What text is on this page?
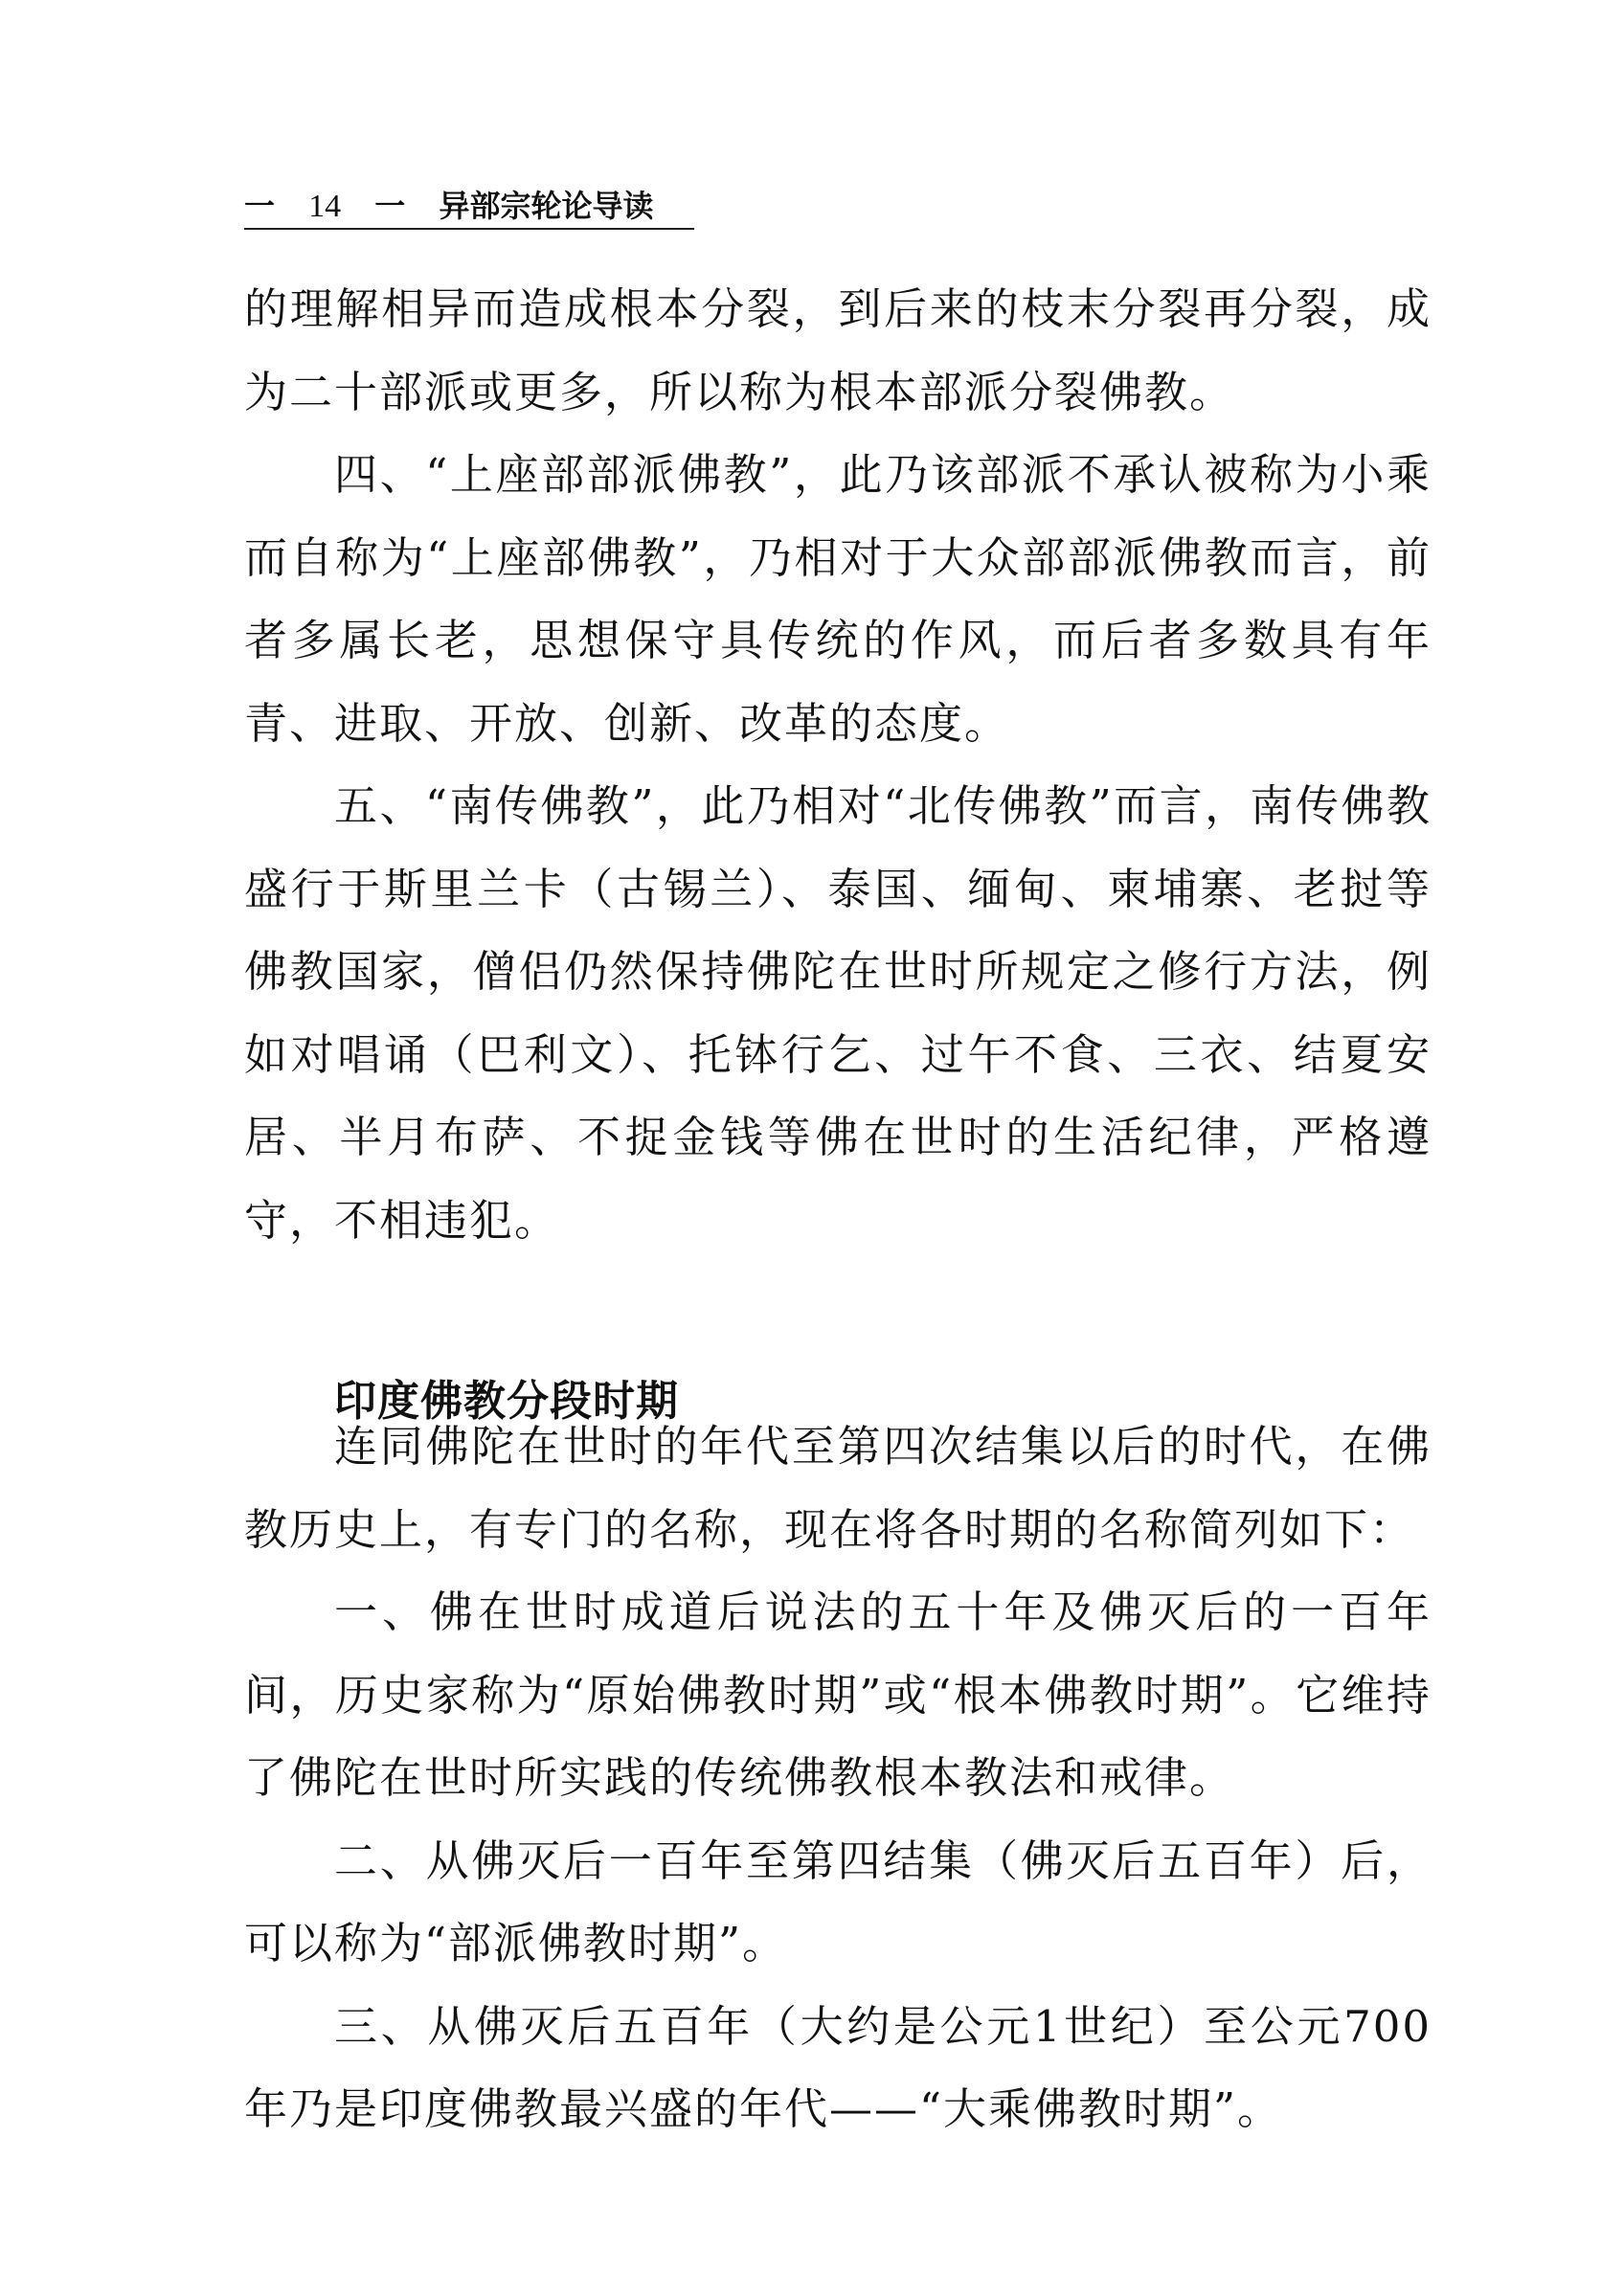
一 14 一 异部宗轮论导读

的理解相异而造成根本分裂，到后来的枝末分裂再分裂，成为二十部派或更多，所以称为根本部派分裂佛教。

四、“上座部部派佛教”，此乃该部派不承认被称为小乘而自称为“上座部佛教”，乃相对于大众部部派佛教而言，前者多属长老，思想保守具传统的作风，而后者多数具有年青、进取、开放、创新、改革的态度。

五、“南传佛教”，此乃相对“北传佛教”而言，南传佛教盛行于斯里兰卡（古锡兰）、泰国、缅甸、柬埔寨、老挝等佛教国家，僧侣仍然保持佛陀在世时所规定之修行方法，例如对唱诵（巴利文）、托钵行乞、过午不食、三衣、结夏安居、半月布萨、不捉金钱等佛在世时的生活纪律，严格遵守，不相违犯。

印度佛教分段时期

连同佛陀在世时的年代至第四次结集以后的时代，在佛教历史上，有专门的名称，现在将各时期的名称简列如下：

一、佛在世时成道后说法的五十年及佛灭后的一百年间，历史家称为“原始佛教时期”或“根本佛教时期”。它维持了佛陀在世时所实践的传统佛教根本教法和戒律。

二、从佛灭后一百年至第四结集（佛灭后五百年）后，可以称为“部派佛教时期”。

三、从佛灭后五百年（大约是公元1世纪）至公元700年乃是印度佛教最兴盛的年代——“大乘佛教时期”。
